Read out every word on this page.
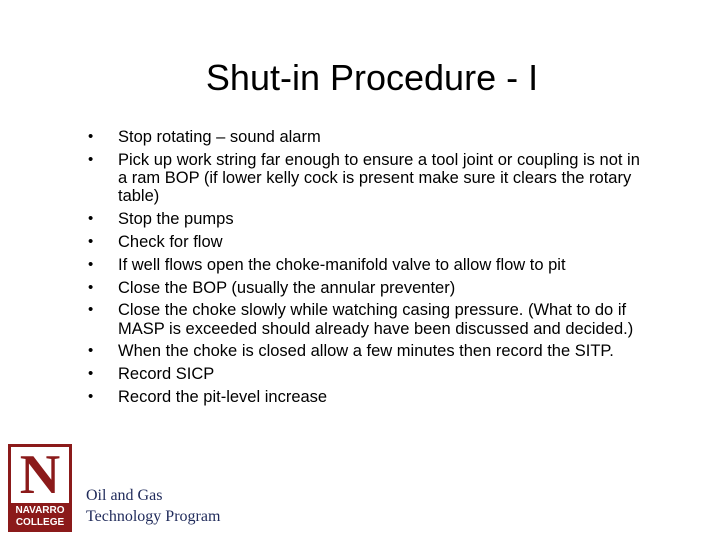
Shut-in Procedure - I
• Stop rotating – sound alarm
• Pick up work string far enough to ensure a tool joint or coupling is not in a ram BOP (if lower kelly cock is present make sure it clears the rotary table)
• Stop the pumps
• Check for flow
• If well flows open the choke-manifold valve to allow flow to pit
• Close the BOP (usually the annular preventer)
• Close the choke slowly while watching casing pressure. (What to do if MASP is exceeded should already have been discussed and decided.)
• When the choke is closed allow a few minutes then record the SITP.
• Record SICP
• Record the pit-level increase
N
NAVARRO
COLLEGE
Oil and Gas
Technology Program
